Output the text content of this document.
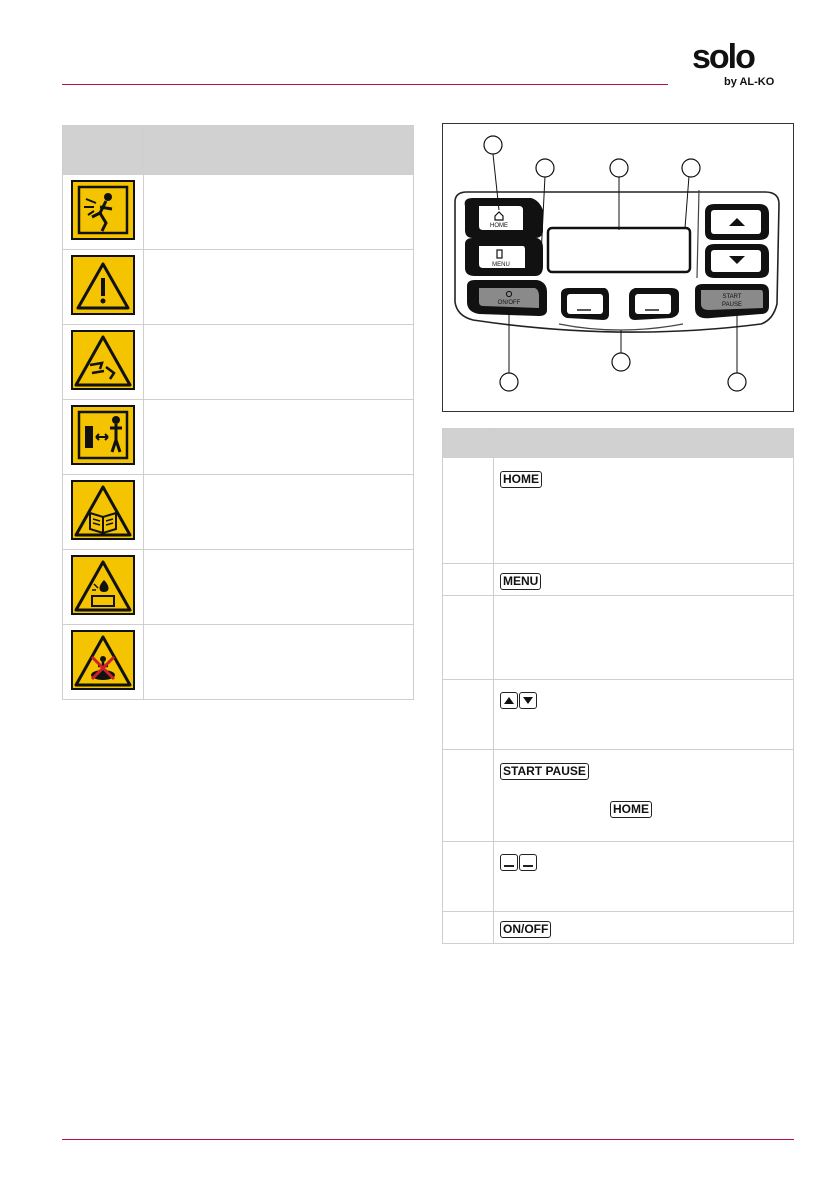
solo
by AL-KO

HOME
MENU
ON/OFF
START
PAUSE

	HOME

	MENU

	START PAUSE
HOME

	ON/OFF
